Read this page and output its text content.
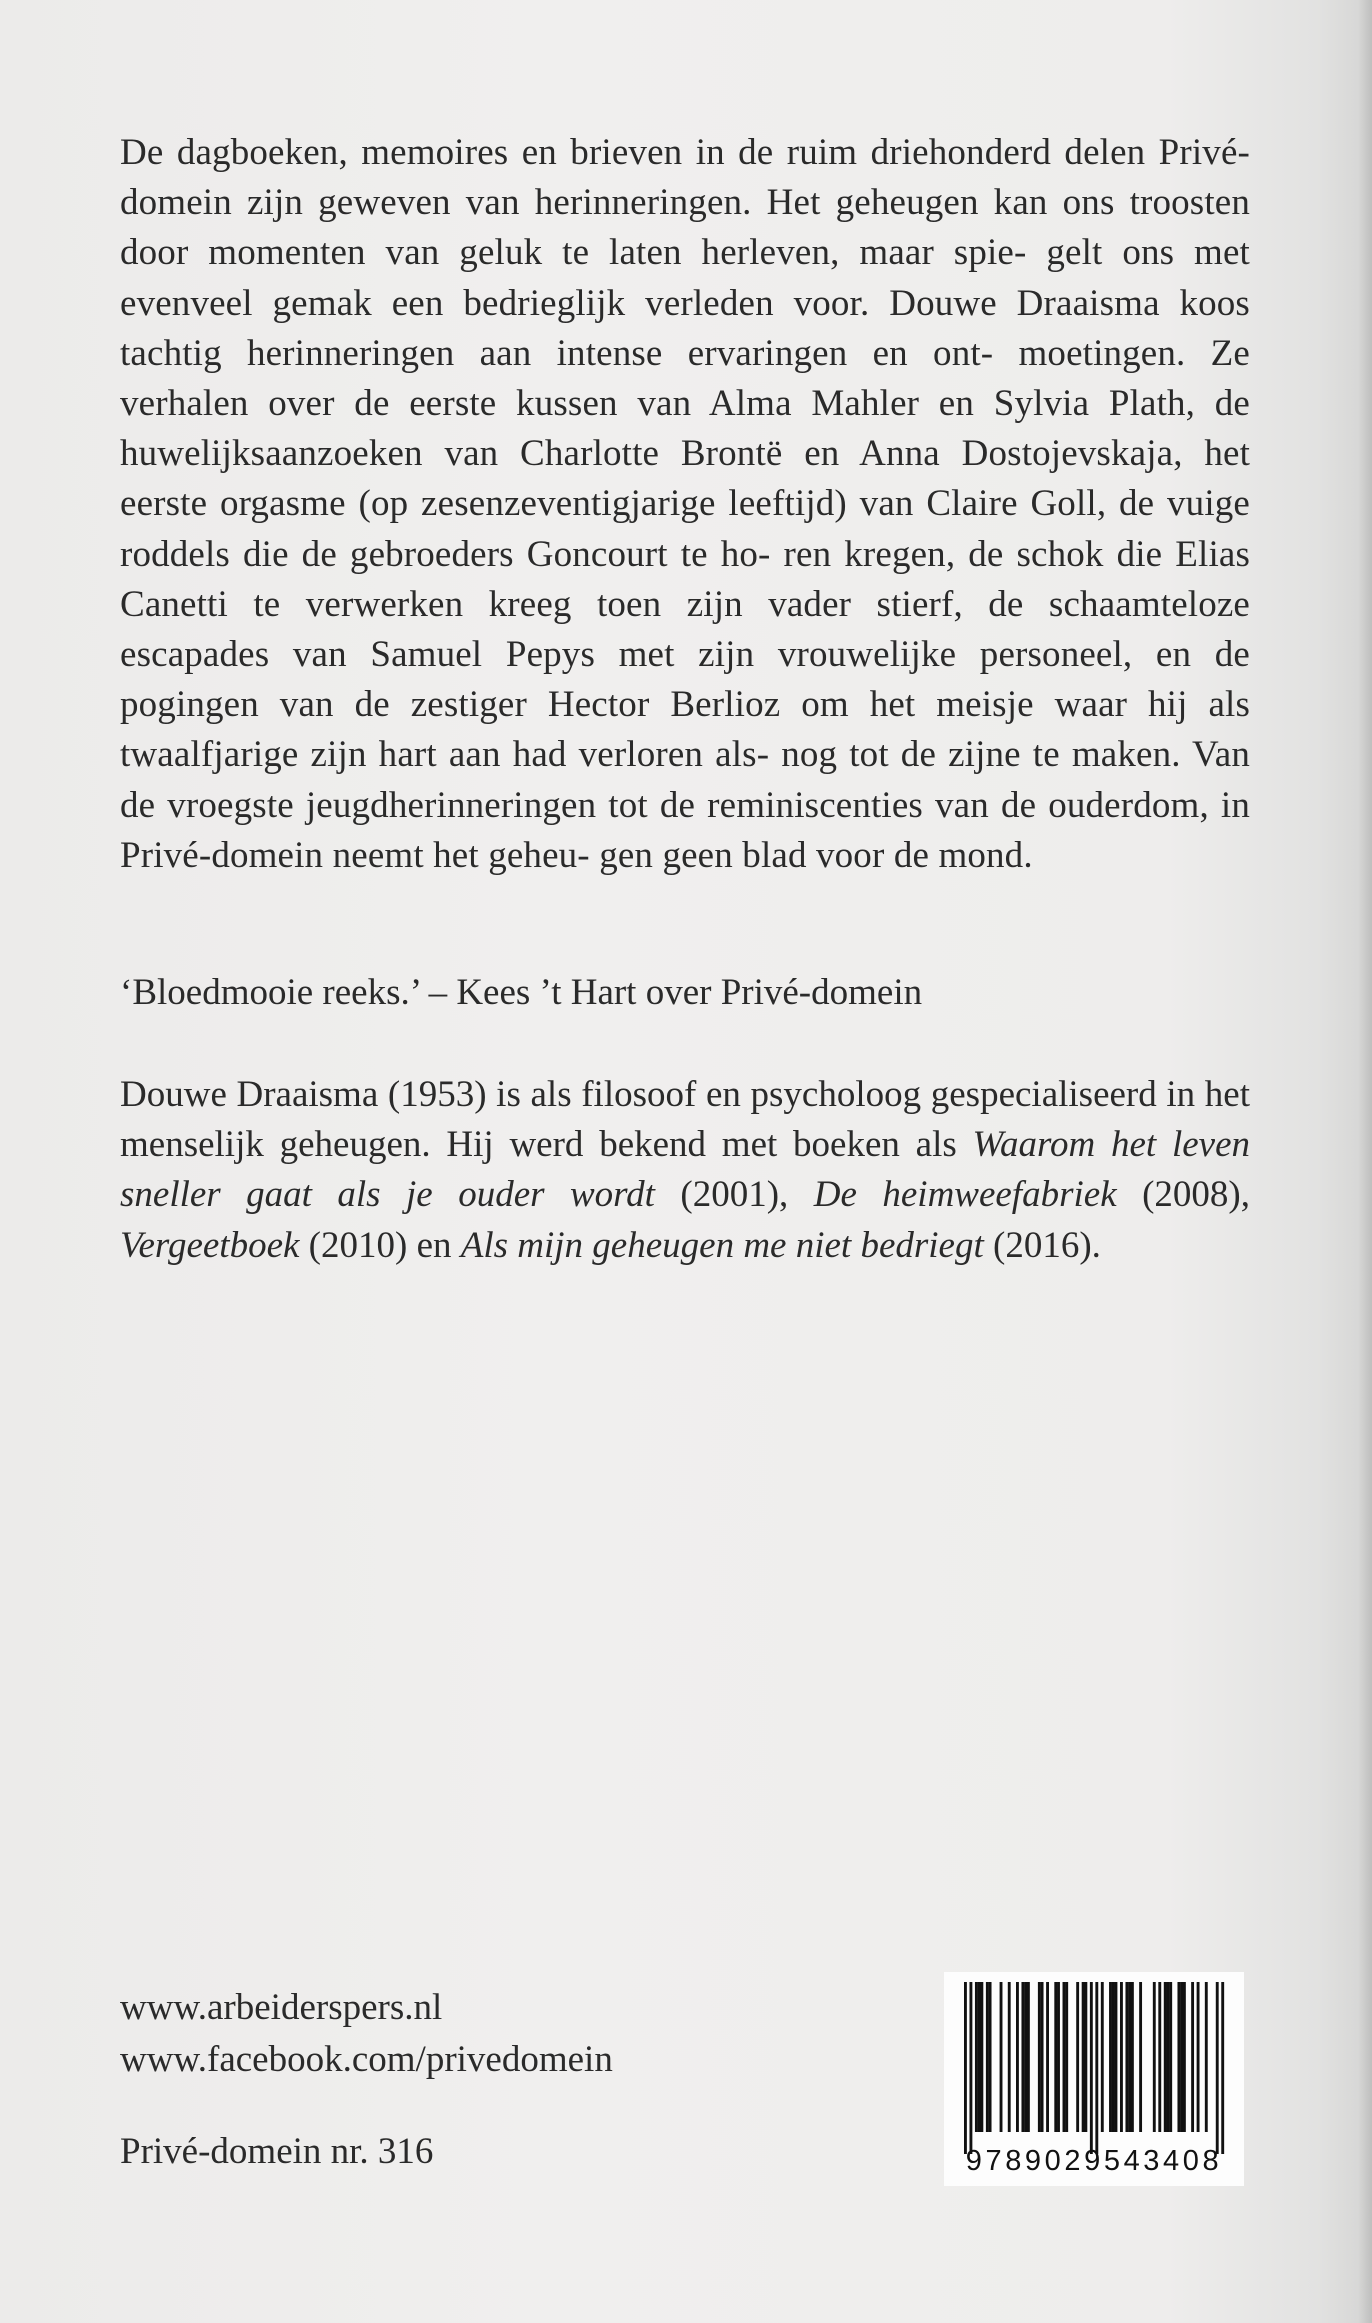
De dagboeken, memoires en brieven in de ruim driehonderd delen Privé-domein zijn geweven van herinneringen. Het geheugen kan ons troosten door momenten van geluk te laten herleven, maar spie- gelt ons met evenveel gemak een bedrieglijk verleden voor. Douwe Draaisma koos tachtig herinneringen aan intense ervaringen en ont- moetingen. Ze verhalen over de eerste kussen van Alma Mahler en Sylvia Plath, de huwelijksaanzoeken van Charlotte Brontë en Anna Dostojevskaja, het eerste orgasme (op zesenzeventigjarige leeftijd) van Claire Goll, de vuige roddels die de gebroeders Goncourt te ho- ren kregen, de schok die Elias Canetti te verwerken kreeg toen zijn vader stierf, de schaamteloze escapades van Samuel Pepys met zijn vrouwelijke personeel, en de pogingen van de zestiger Hector Berlioz om het meisje waar hij als twaalfjarige zijn hart aan had verloren als- nog tot de zijne te maken. Van de vroegste jeugdherinneringen tot de reminiscenties van de ouderdom, in Privé-domein neemt het geheu- gen geen blad voor de mond.

‘Bloedmooie reeks.’ – Kees ’t Hart over Privé-domein

Douwe Draaisma (1953) is als filosoof en psycholoog gespecialiseerd in het menselijk geheugen. Hij werd bekend met boeken als Waarom het leven sneller gaat als je ouder wordt (2001), De heimweefabriek (2008), Vergeetboek (2010) en Als mijn geheugen me niet bedriegt (2016).

www.arbeiderspers.nl
www.facebook.com/privedomein

Privé-domein nr. 316	9789029543408
